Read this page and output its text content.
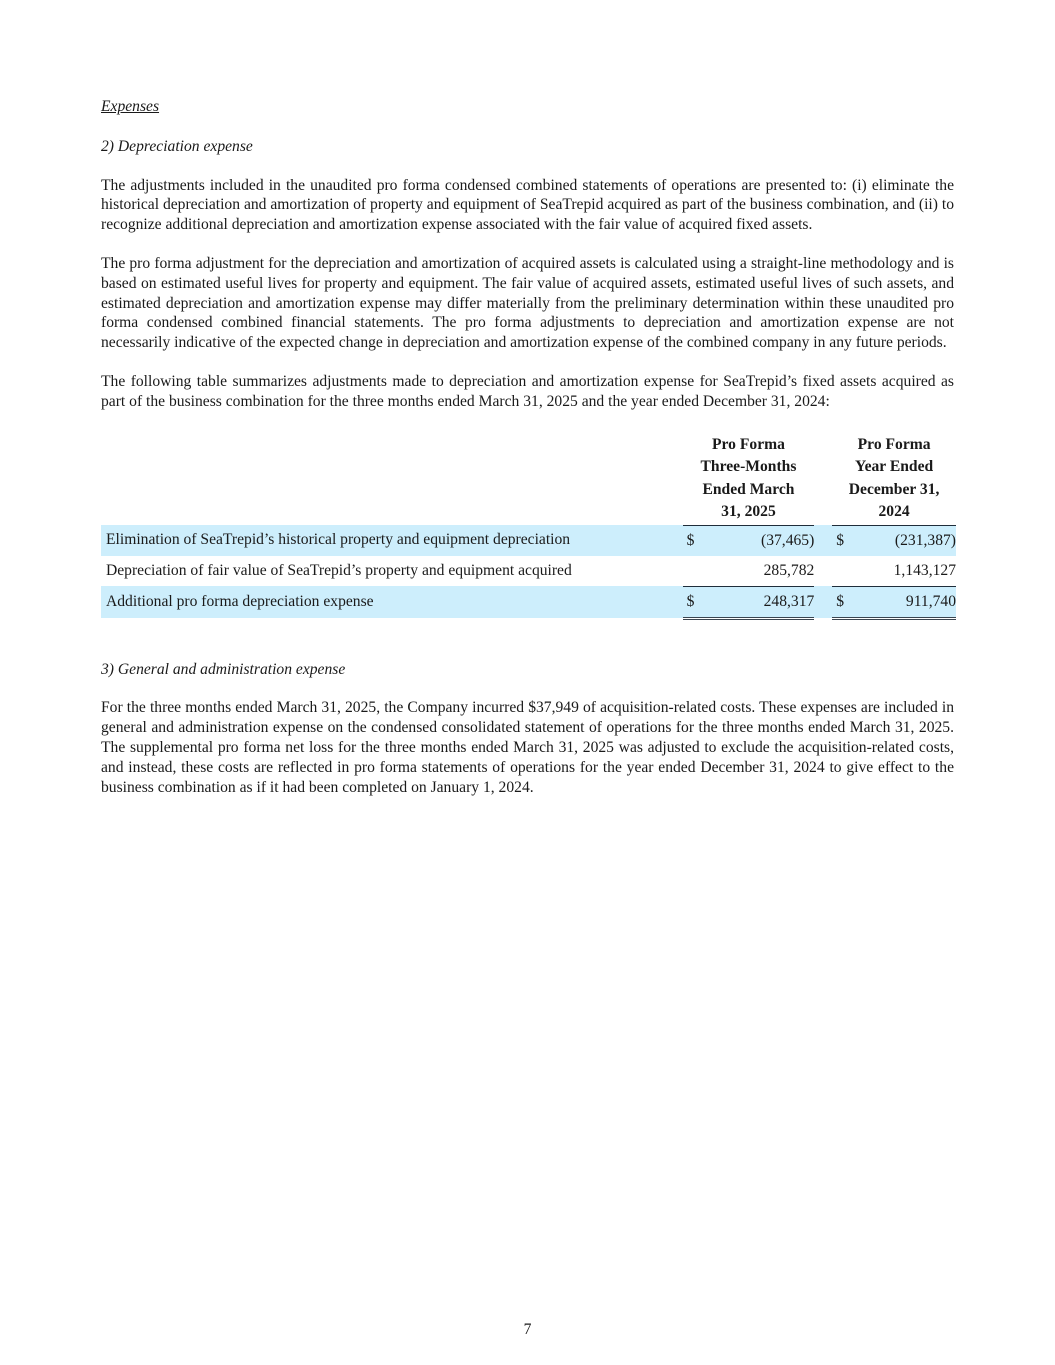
Expenses
2) Depreciation expense

The adjustments included in the unaudited pro forma condensed combined statements of operations are presented to: (i) eliminate the historical depreciation and amortization of property and equipment of SeaTrepid acquired as part of the business combination, and (ii) to recognize additional depreciation and amortization expense associated with the fair value of acquired fixed assets.

The pro forma adjustment for the depreciation and amortization of acquired assets is calculated using a straight-line methodology and is based on estimated useful lives for property and equipment. The fair value of acquired assets, estimated useful lives of such assets, and estimated depreciation and amortization expense may differ materially from the preliminary determination within these unaudited pro forma condensed combined financial statements. The pro forma adjustments to depreciation and amortization expense are not necessarily indicative of the expected change in depreciation and amortization expense of the combined company in any future periods.

The following table summarizes adjustments made to depreciation and amortization expense for SeaTrepid’s fixed assets acquired as part of the business combination for the three months ended March 31, 2025 and the year ended December 31, 2024:

Pro Forma
Three-Months
Ended March
31, 2025

Pro Forma
Year Ended
December 31,
2024

Elimination of SeaTrepid’s historical property and equipment depreciation	$	(37,465)		$	(231,387)
Depreciation of fair value of SeaTrepid’s property and equipment acquired		285,782			1,143,127
Additional pro forma depreciation expense	$	248,317		$	911,740
3) General and administration expense

For the three months ended March 31, 2025, the Company incurred $37,949 of acquisition-related costs. These expenses are included in general and administration expense on the condensed consolidated statement of operations for the three months ended March 31, 2025. The supplemental pro forma net loss for the three months ended March 31, 2025 was adjusted to exclude the acquisition-related costs, and instead, these costs are reflected in pro forma statements of operations for the year ended December 31, 2024 to give effect to the business combination as if it had been completed on January 1, 2024.

7
